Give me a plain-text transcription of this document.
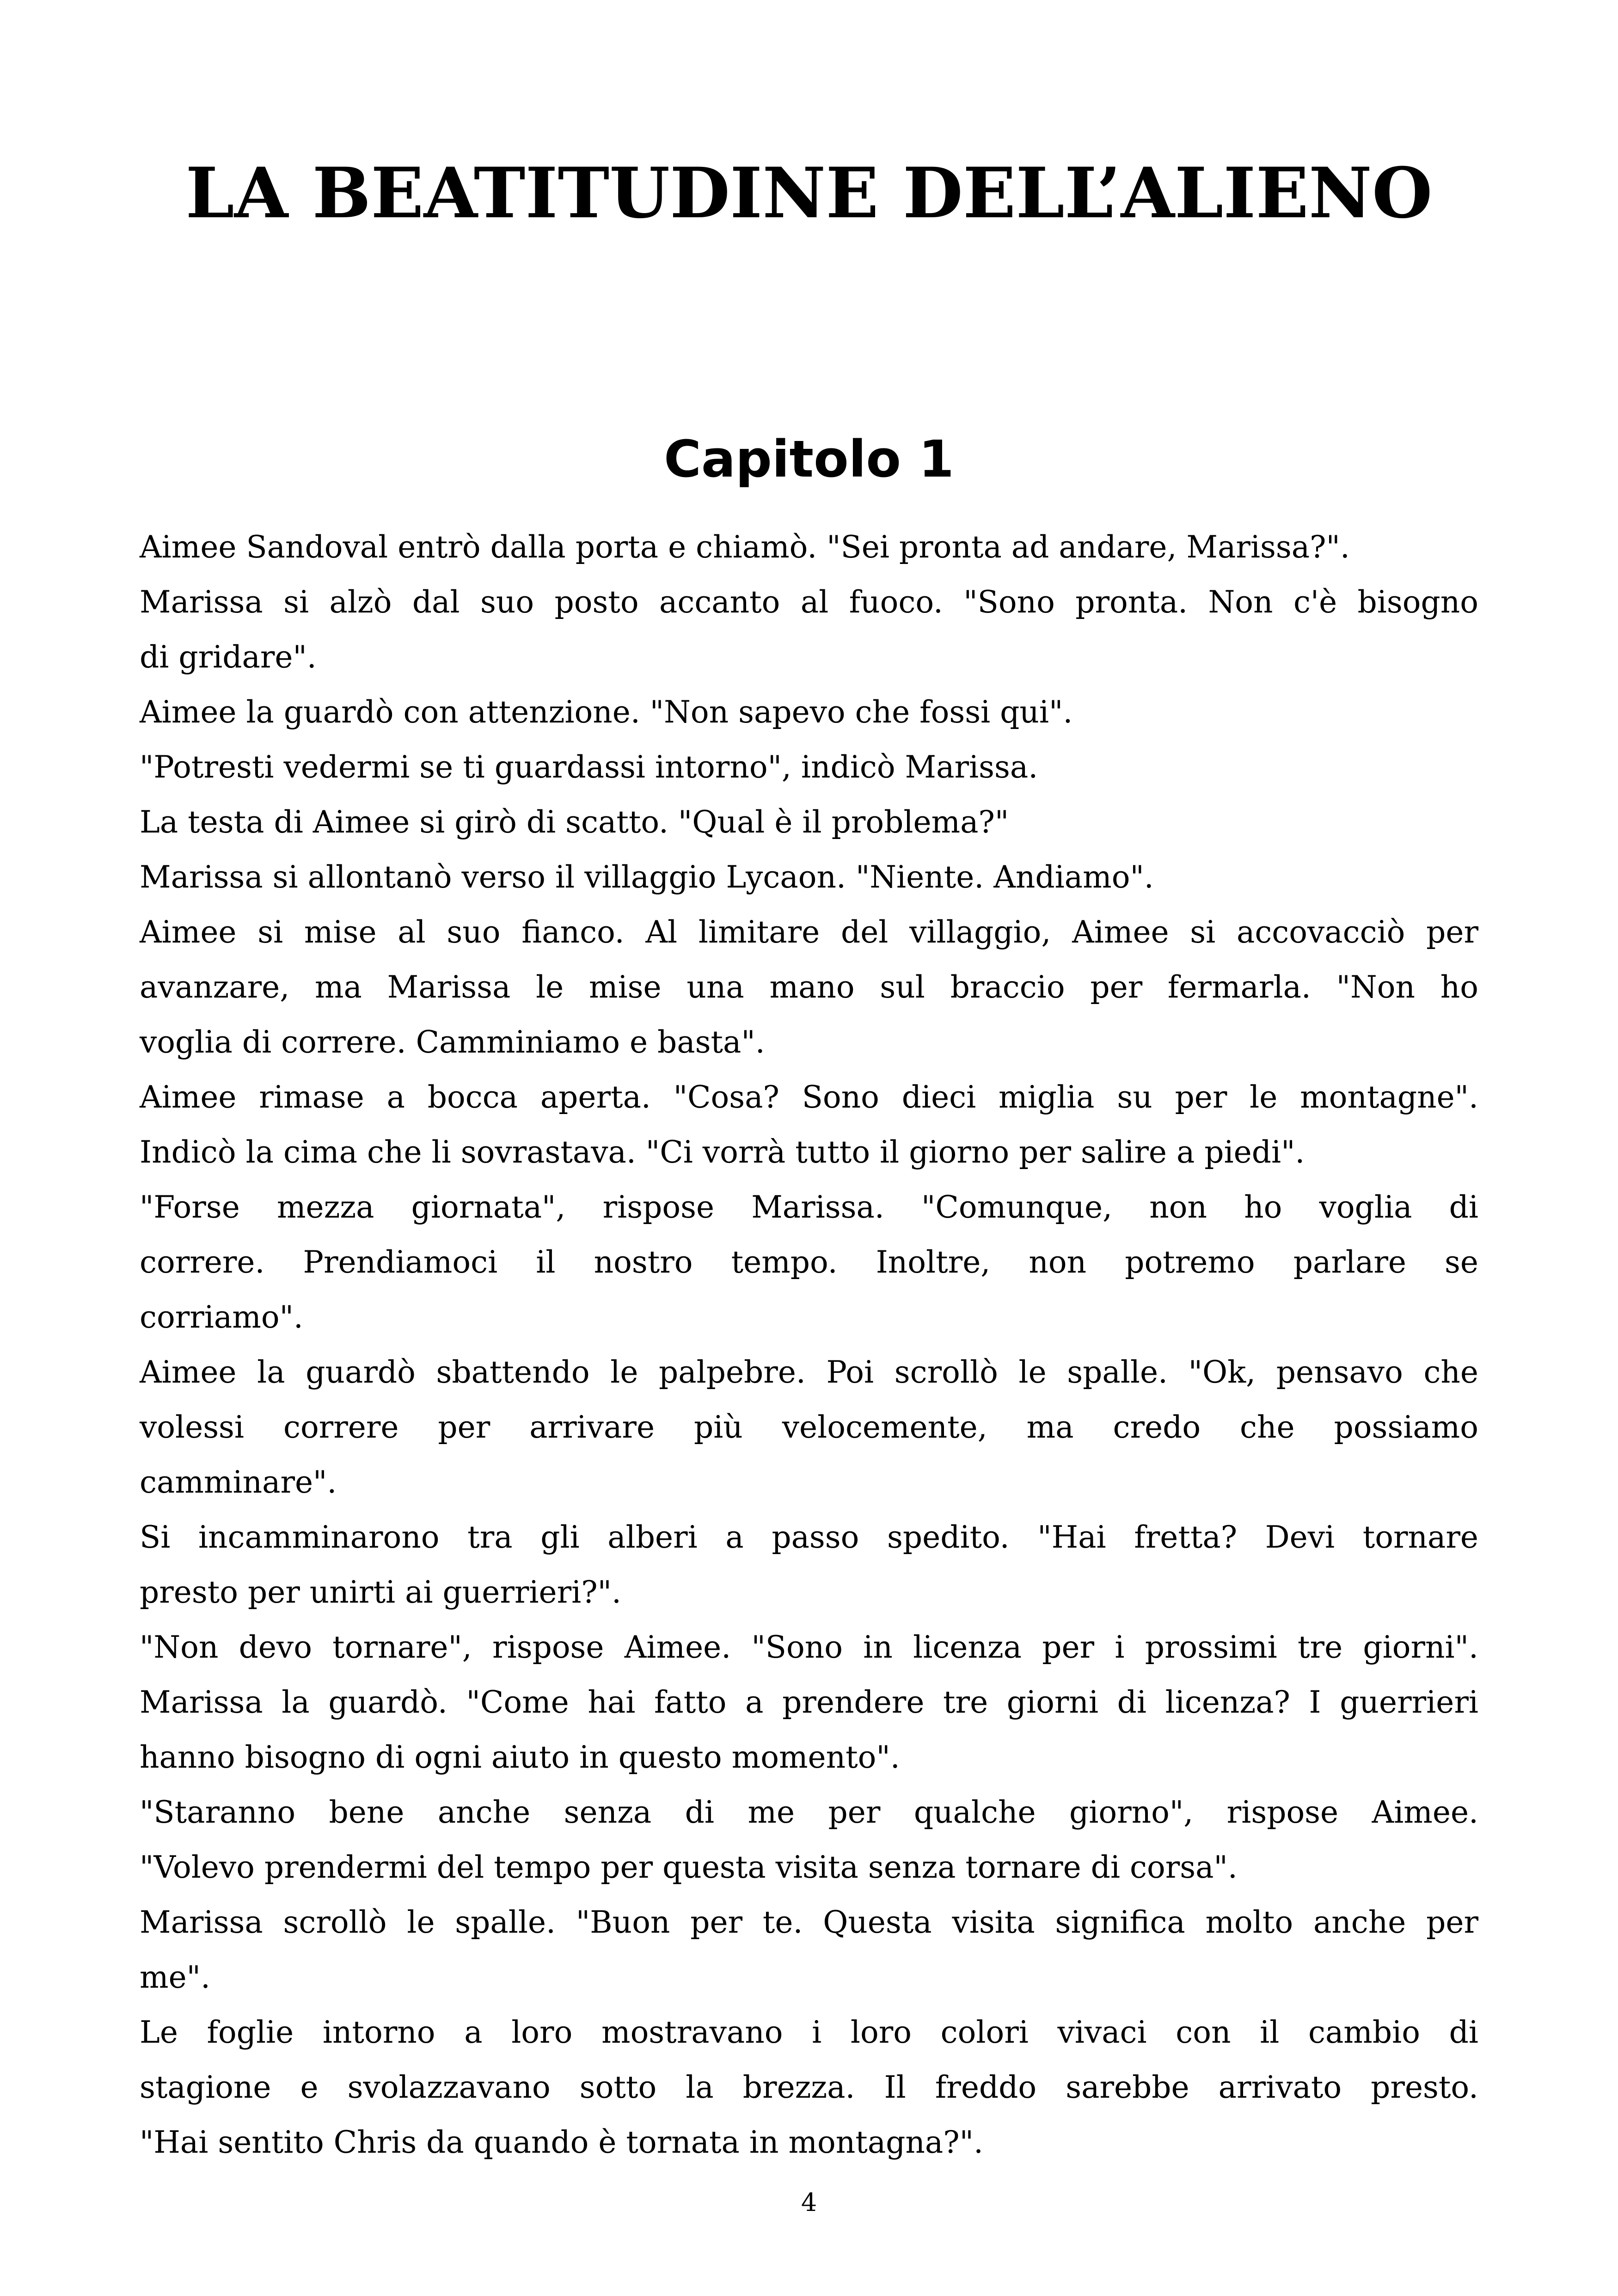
LA BEATITUDINE DELL’ALIENO
Capitolo 1
Aimee Sandoval entrò dalla porta e chiamò. "Sei pronta ad andare, Marissa?".
Marissa si alzò dal suo posto accanto al fuoco. "Sono pronta. Non c'è bisogno
di gridare".
Aimee la guardò con attenzione. "Non sapevo che fossi qui".
"Potresti vedermi se ti guardassi intorno", indicò Marissa.
La testa di Aimee si girò di scatto. "Qual è il problema?"
Marissa si allontanò verso il villaggio Lycaon. "Niente. Andiamo".
Aimee si mise al suo fianco. Al limitare del villaggio, Aimee si accovacciò per
avanzare, ma Marissa le mise una mano sul braccio per fermarla. "Non ho
voglia di correre. Camminiamo e basta".
Aimee rimase a bocca aperta. "Cosa? Sono dieci miglia su per le montagne".
Indicò la cima che li sovrastava. "Ci vorrà tutto il giorno per salire a piedi".
"Forse mezza giornata", rispose Marissa. "Comunque, non ho voglia di
correre. Prendiamoci il nostro tempo. Inoltre, non potremo parlare se
corriamo".
Aimee la guardò sbattendo le palpebre. Poi scrollò le spalle. "Ok, pensavo che
volessi correre per arrivare più velocemente, ma credo che possiamo
camminare".
Si incamminarono tra gli alberi a passo spedito. "Hai fretta? Devi tornare
presto per unirti ai guerrieri?".
"Non devo tornare", rispose Aimee. "Sono in licenza per i prossimi tre giorni".
Marissa la guardò. "Come hai fatto a prendere tre giorni di licenza? I guerrieri
hanno bisogno di ogni aiuto in questo momento".
"Staranno bene anche senza di me per qualche giorno", rispose Aimee.
"Volevo prendermi del tempo per questa visita senza tornare di corsa".
Marissa scrollò le spalle. "Buon per te. Questa visita significa molto anche per
me".
Le foglie intorno a loro mostravano i loro colori vivaci con il cambio di
stagione e svolazzavano sotto la brezza. Il freddo sarebbe arrivato presto.
"Hai sentito Chris da quando è tornata in montagna?".
4
